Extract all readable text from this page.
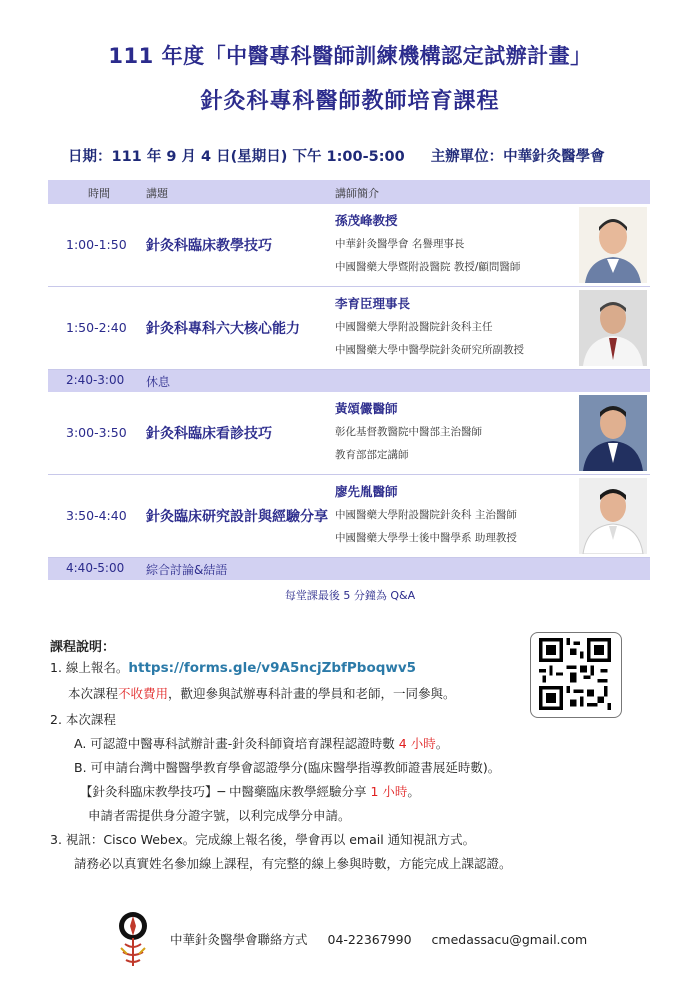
111 年度「中醫專科醫師訓練機構認定試辦計畫」
針灸科專科醫師教師培育課程
日期：111 年 9 月 4 日(星期日) 下午 1:00-5:00 主辦單位：中華針灸醫學會
時間	講題	講師簡介
1:00-1:50 針灸科臨床教學技巧
孫茂峰教授
中華針灸醫學會 名譽理事長
中國醫藥大學暨附設醫院 教授/顧問醫師
1:50-2:40 針灸科專科六大核心能力
李育臣理事長
中國醫藥大學附設醫院針灸科主任
中國醫藥大學中醫學院針灸研究所副教授
2:40-3:00 休息
3:00-3:50 針灸科臨床看診技巧
黃頌儼醫師
彰化基督教醫院中醫部主治醫師
教育部部定講師
3:50-4:40 針灸臨床研究設計與經驗分享
廖先胤醫師
中國醫藥大學附設醫院針灸科 主治醫師
中國醫藥大學學士後中醫學系 助理教授
4:40-5:00 綜合討論&結語
每堂課最後 5 分鐘為 Q&A
課程說明：
1. 線上報名。https://forms.gle/v9A5ncjZbfPboqwv5
本次課程不收費用，歡迎參與試辦專科計畫的學員和老師，一同參與。
2. 本次課程
A. 可認證中醫專科試辦計畫-針灸科師資培育課程認證時數 4 小時。
B. 可申請台灣中醫醫學教育學會認證學分(臨床醫學指導教師證書展延時數)。
【針灸科臨床教學技巧】─ 中醫藥臨床教學經驗分享 1 小時。
申請者需提供身分證字號，以利完成學分申請。
3. 視訊：Cisco Webex。完成線上報名後，學會再以 email 通知視訊方式。
請務必以真實姓名參加線上課程，有完整的線上參與時數，方能完成上課認證。
中華針灸醫學會聯絡方式 04-22367990 cmedassacu@gmail.com
